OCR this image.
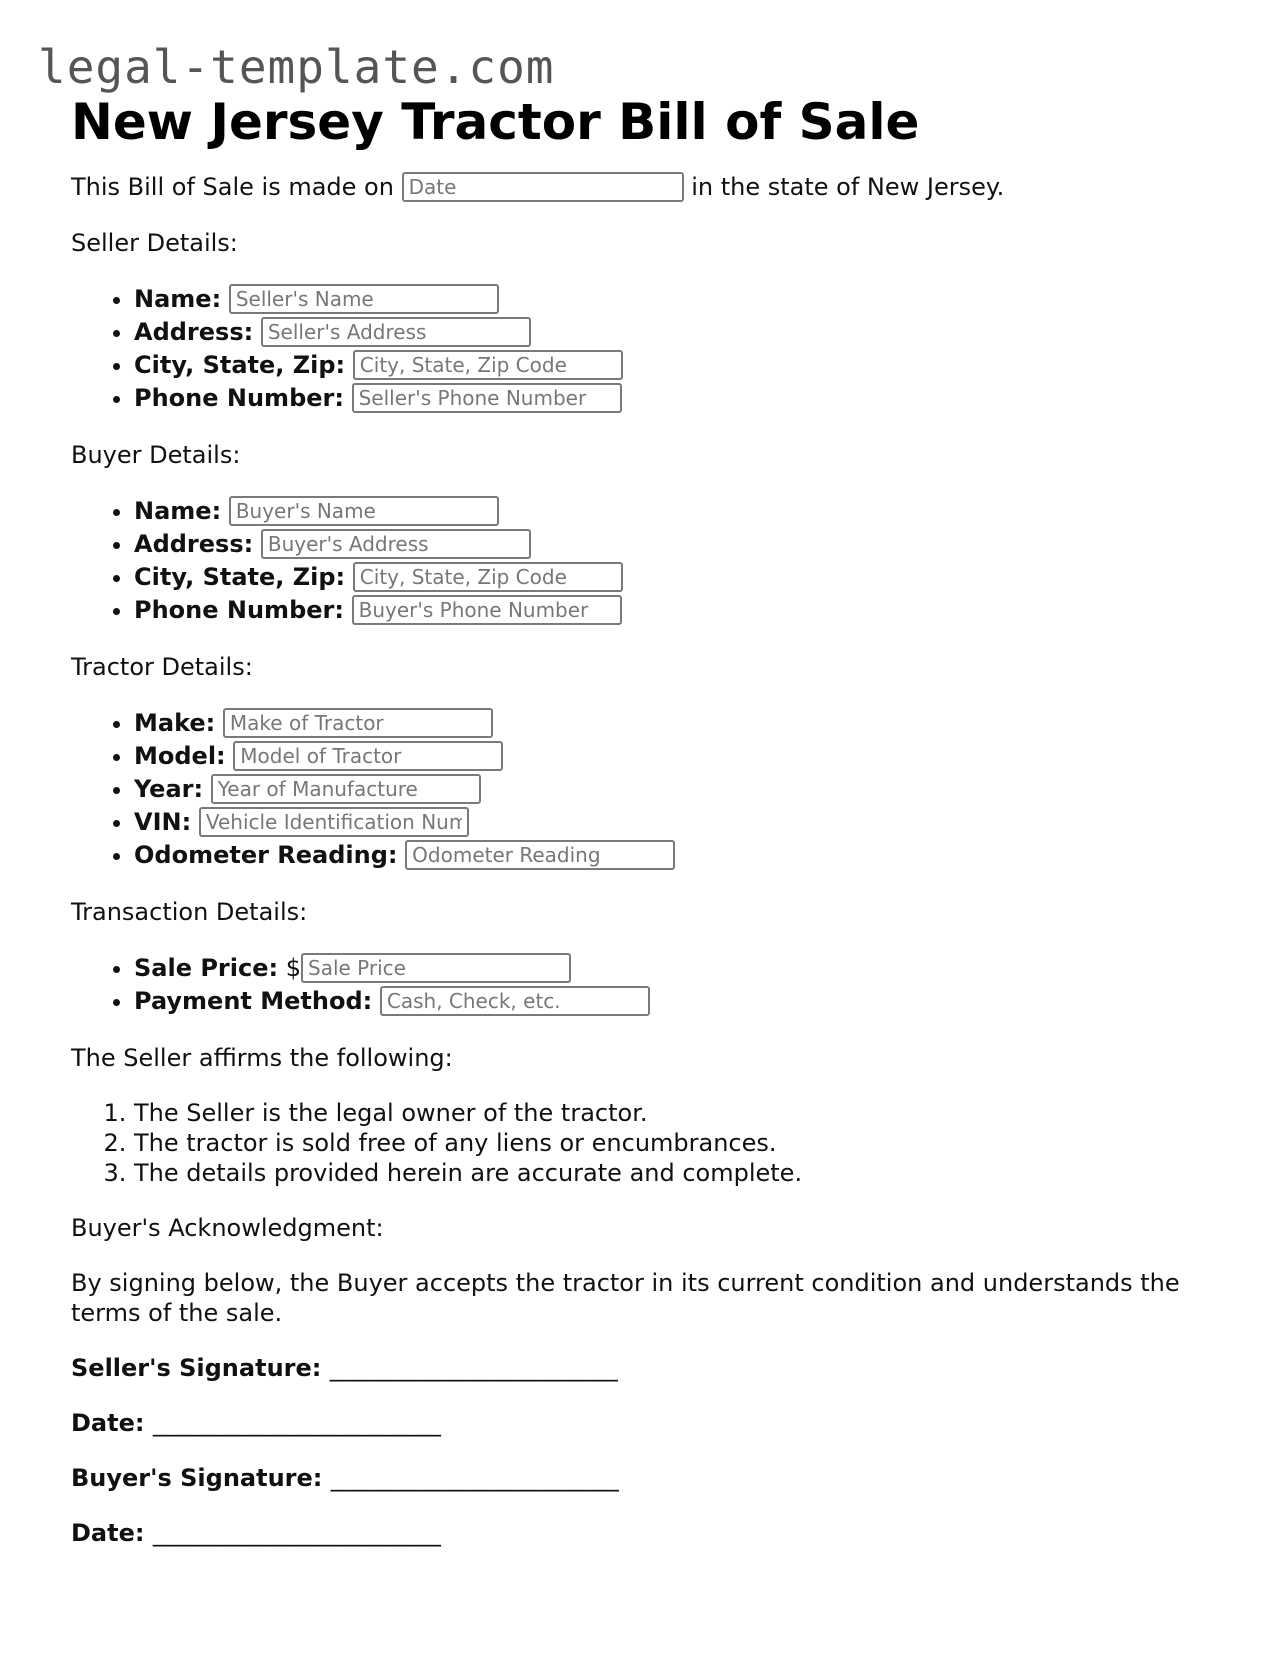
legal-template.com
New Jersey Tractor Bill of Sale

This Bill of Sale is made on Date	in the state of New Jersey.

Seller Details:

• Name: Seller's Name
• Address: Seller's Address
• City, State, Zip: City, State, Zip Code
• Phone Number: Seller's Phone Number

Buyer Details:

• Name: Buyer's Name
• Address: Buyer's Address
• City, State, Zip: City, State, Zip Code
• Phone Number: Buyer's Phone Number

Tractor Details:

• Make: Make of Tractor
• Model: Model of Tractor
• Year: Year of Manufacture
• VIN: Vehicle Identification Number
• Odometer Reading: Odometer Reading

Transaction Details:

• Sale Price: $Sale Price
• Payment Method: Cash, Check, etc.

The Seller affirms the following:

1. The Seller is the legal owner of the tractor.
2. The tractor is sold free of any liens or encumbrances.
3. The details provided herein are accurate and complete.

Buyer's Acknowledgment:

By signing below, the Buyer accepts the tractor in its current condition and understands the terms of the sale.

Seller's Signature: ________________________

Date: ________________________

Buyer's Signature: ________________________

Date: ________________________
